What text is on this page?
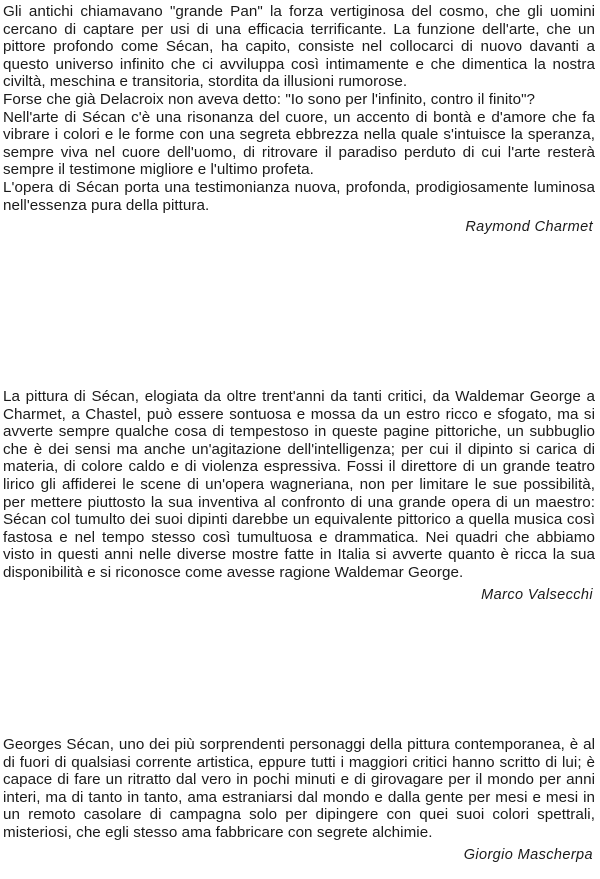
Gli antichi chiamavano "grande Pan" la forza vertiginosa del cosmo, che gli uomini cercano di captare per usi di una efficacia terrificante. La funzione dell'arte, che un pittore profondo come Sécan, ha capito, consiste nel collocarci di nuovo davanti a questo universo infinito che ci avviluppa così intimamente e che dimentica la nostra civiltà, meschina e transitoria, stordita da illusioni rumorose.

Forse che già Delacroix non aveva detto: "Io sono per l'infinito, contro il finito"?

Nell'arte di Sécan c'è una risonanza del cuore, un accento di bontà e d'amore che fa vibrare i colori e le forme con una segreta ebbrezza nella quale s'intuisce la speranza, sempre viva nel cuore dell'uomo, di ritrovare il paradiso perduto di cui l'arte resterà sempre il testimone migliore e l'ultimo profeta.

L'opera di Sécan porta una testimonianza nuova, profonda, prodigiosamente luminosa nell'essenza pura della pittura.

Raymond Charmet

La pittura di Sécan, elogiata da oltre trent'anni da tanti critici, da Waldemar George a Charmet, a Chastel, può essere sontuosa e mossa da un estro ricco e sfogato, ma si avverte sempre qualche cosa di tempestoso in queste pagine pittoriche, un subbuglio che è dei sensi ma anche un'agitazione dell'intelligenza; per cui il dipinto si carica di materia, di colore caldo e di violenza espressiva. Fossi il direttore di un grande teatro lirico gli affiderei le scene di un'opera wagneriana, non per limitare le sue possibilità, per mettere piuttosto la sua inventiva al confronto di una grande opera di un maestro: Sécan col tumulto dei suoi dipinti darebbe un equivalente pittorico a quella musica così fastosa e nel tempo stesso così tumultuosa e drammatica. Nei quadri che abbiamo visto in questi anni nelle diverse mostre fatte in Italia si avverte quanto è ricca la sua disponibilità e si riconosce come avesse ragione Waldemar George.

Marco Valsecchi

Georges Sécan, uno dei più sorprendenti personaggi della pittura contemporanea, è al di fuori di qualsiasi corrente artistica, eppure tutti i maggiori critici hanno scritto di lui; è capace di fare un ritratto dal vero in pochi minuti e di girovagare per il mondo per anni interi, ma di tanto in tanto, ama estraniarsi dal mondo e dalla gente per mesi e mesi in un remoto casolare di campagna solo per dipingere con quei suoi colori spettrali, misteriosi, che egli stesso ama fabbricare con segrete alchimie.

Giorgio Mascherpa
